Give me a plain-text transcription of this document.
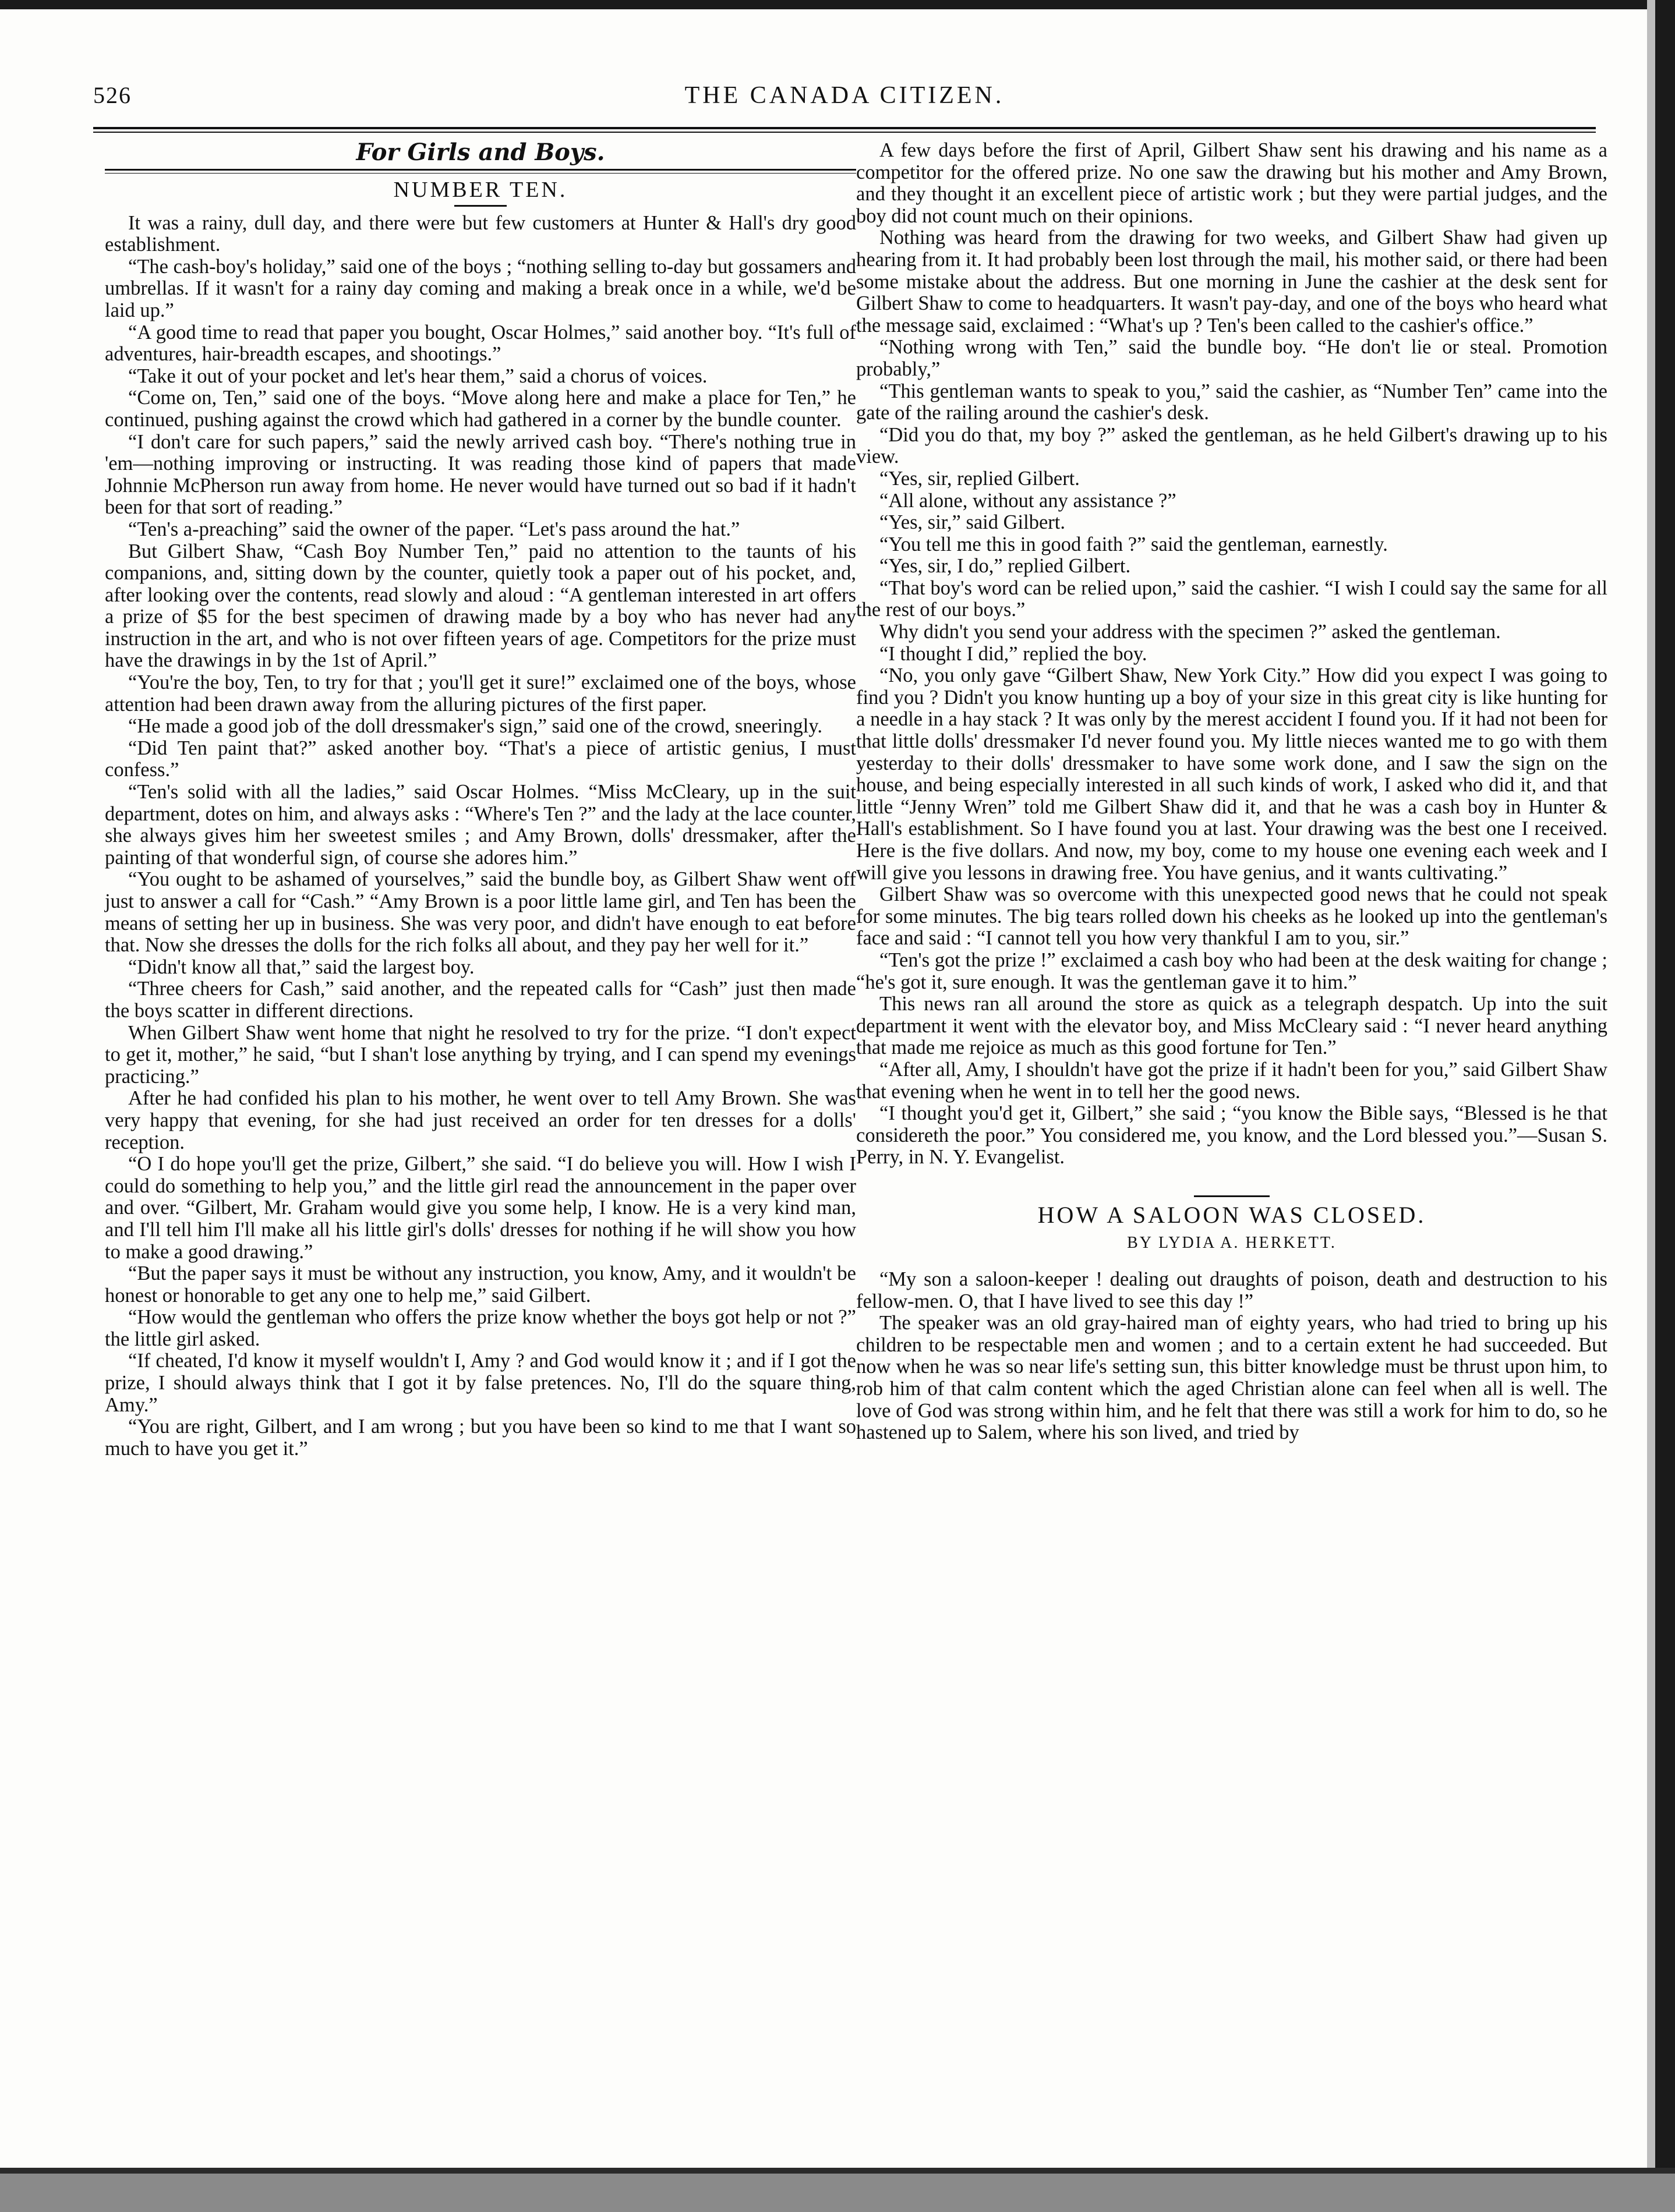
526	THE CANADA CITIZEN.
For Girls and Boys.
NUMBER TEN.

It was a rainy, dull day, and there were but few customers at Hunter & Hall's dry good establishment.

“The cash-boy's holiday,” said one of the boys ; “nothing selling to-day but gossamers and umbrellas. If it wasn't for a rainy day coming and making a break once in a while, we'd be laid up.”

“A good time to read that paper you bought, Oscar Holmes,” said another boy. “It's full of adventures, hair-breadth escapes, and shootings.”

“Take it out of your pocket and let's hear them,” said a chorus of voices.

“Come on, Ten,” said one of the boys. “Move along here and make a place for Ten,” he continued, pushing against the crowd which had gathered in a corner by the bundle counter.

“I don't care for such papers,” said the newly arrived cash boy. “There's nothing true in 'em—nothing improving or instructing. It was reading those kind of papers that made Johnnie McPherson run away from home. He never would have turned out so bad if it hadn't been for that sort of reading.”

“Ten's a-preaching” said the owner of the paper. “Let's pass around the hat.”

But Gilbert Shaw, “Cash Boy Number Ten,” paid no attention to the taunts of his companions, and, sitting down by the counter, quietly took a paper out of his pocket, and, after looking over the contents, read slowly and aloud : “A gentleman interested in art offers a prize of $5 for the best specimen of drawing made by a boy who has never had any instruction in the art, and who is not over fifteen years of age. Competitors for the prize must have the drawings in by the 1st of April.”

“You're the boy, Ten, to try for that ; you'll get it sure!” exclaimed one of the boys, whose attention had been drawn away from the alluring pictures of the first paper.

“He made a good job of the doll dressmaker's sign,” said one of the crowd, sneeringly.

“Did Ten paint that?” asked another boy. “That's a piece of artistic genius, I must confess.”

“Ten's solid with all the ladies,” said Oscar Holmes. “Miss McCleary, up in the suit department, dotes on him, and always asks : “Where's Ten ?” and the lady at the lace counter, she always gives him her sweetest smiles ; and Amy Brown, dolls' dressmaker, after the painting of that wonderful sign, of course she adores him.”

“You ought to be ashamed of yourselves,” said the bundle boy, as Gilbert Shaw went off just to answer a call for “Cash.” “Amy Brown is a poor little lame girl, and Ten has been the means of setting her up in business. She was very poor, and didn't have enough to eat before that. Now she dresses the dolls for the rich folks all about, and they pay her well for it.”

“Didn't know all that,” said the largest boy.

“Three cheers for Cash,” said another, and the repeated calls for “Cash” just then made the boys scatter in different directions.

When Gilbert Shaw went home that night he resolved to try for the prize. “I don't expect to get it, mother,” he said, “but I shan't lose anything by trying, and I can spend my evenings practicing.”

After he had confided his plan to his mother, he went over to tell Amy Brown. She was very happy that evening, for she had just received an order for ten dresses for a dolls' reception.

“O I do hope you'll get the prize, Gilbert,” she said. “I do believe you will. How I wish I could do something to help you,” and the little girl read the announcement in the paper over and over. “Gilbert, Mr. Graham would give you some help, I know. He is a very kind man, and I'll tell him I'll make all his little girl's dolls' dresses for nothing if he will show you how to make a good drawing.”

“But the paper says it must be without any instruction, you know, Amy, and it wouldn't be honest or honorable to get any one to help me,” said Gilbert.

“How would the gentleman who offers the prize know whether the boys got help or not ?” the little girl asked.

“If cheated, I'd know it myself wouldn't I, Amy ? and God would know it ; and if I got the prize, I should always think that I got it by false pretences. No, I'll do the square thing, Amy.”

“You are right, Gilbert, and I am wrong ; but you have been so kind to me that I want so much to have you get it.”

A few days before the first of April, Gilbert Shaw sent his drawing and his name as a competitor for the offered prize. No one saw the drawing but his mother and Amy Brown, and they thought it an excellent piece of artistic work ; but they were partial judges, and the boy did not count much on their opinions.

Nothing was heard from the drawing for two weeks, and Gilbert Shaw had given up hearing from it. It had probably been lost through the mail, his mother said, or there had been some mistake about the address. But one morning in June the cashier at the desk sent for Gilbert Shaw to come to headquarters. It wasn't pay-day, and one of the boys who heard what the message said, exclaimed : “What's up ? Ten's been called to the cashier's office.”

“Nothing wrong with Ten,” said the bundle boy. “He don't lie or steal. Promotion probably,”

“This gentleman wants to speak to you,” said the cashier, as “Number Ten” came into the gate of the railing around the cashier's desk.

“Did you do that, my boy ?” asked the gentleman, as he held Gilbert's drawing up to his view.

“Yes, sir, replied Gilbert.

“All alone, without any assistance ?”

“Yes, sir,” said Gilbert.

“You tell me this in good faith ?” said the gentleman, earnestly.

“Yes, sir, I do,” replied Gilbert.

“That boy's word can be relied upon,” said the cashier. “I wish I could say the same for all the rest of our boys.”

Why didn't you send your address with the specimen ?” asked the gentleman.

“I thought I did,” replied the boy.

“No, you only gave “Gilbert Shaw, New York City.” How did you expect I was going to find you ? Didn't you know hunting up a boy of your size in this great city is like hunting for a needle in a hay stack ? It was only by the merest accident I found you. If it had not been for that little dolls' dressmaker I'd never found you. My little nieces wanted me to go with them yesterday to their dolls' dressmaker to have some work done, and I saw the sign on the house, and being especially interested in all such kinds of work, I asked who did it, and that little “Jenny Wren” told me Gilbert Shaw did it, and that he was a cash boy in Hunter & Hall's establishment. So I have found you at last. Your drawing was the best one I received. Here is the five dollars. And now, my boy, come to my house one evening each week and I will give you lessons in drawing free. You have genius, and it wants cultivating.”

Gilbert Shaw was so overcome with this unexpected good news that he could not speak for some minutes. The big tears rolled down his cheeks as he looked up into the gentleman's face and said : “I cannot tell you how very thankful I am to you, sir.”

“Ten's got the prize !” exclaimed a cash boy who had been at the desk waiting for change ; “he's got it, sure enough. It was the gentleman gave it to him.”

This news ran all around the store as quick as a telegraph despatch. Up into the suit department it went with the elevator boy, and Miss McCleary said : “I never heard anything that made me rejoice as much as this good fortune for Ten.”

“After all, Amy, I shouldn't have got the prize if it hadn't been for you,” said Gilbert Shaw that evening when he went in to tell her the good news.

“I thought you'd get it, Gilbert,” she said ; “you know the Bible says, “Blessed is he that considereth the poor.” You considered me, you know, and the Lord blessed you.”—Susan S. Perry, in N. Y. Evangelist.

HOW A SALOON WAS CLOSED.
BY LYDIA A. HERKETT.

“My son a saloon-keeper ! dealing out draughts of poison, death and destruction to his fellow-men. O, that I have lived to see this day !”

The speaker was an old gray-haired man of eighty years, who had tried to bring up his children to be respectable men and women ; and to a certain extent he had succeeded. But now when he was so near life's setting sun, this bitter knowledge must be thrust upon him, to rob him of that calm content which the aged Christian alone can feel when all is well. The love of God was strong within him, and he felt that there was still a work for him to do, so he hastened up to Salem, where his son lived, and tried by
